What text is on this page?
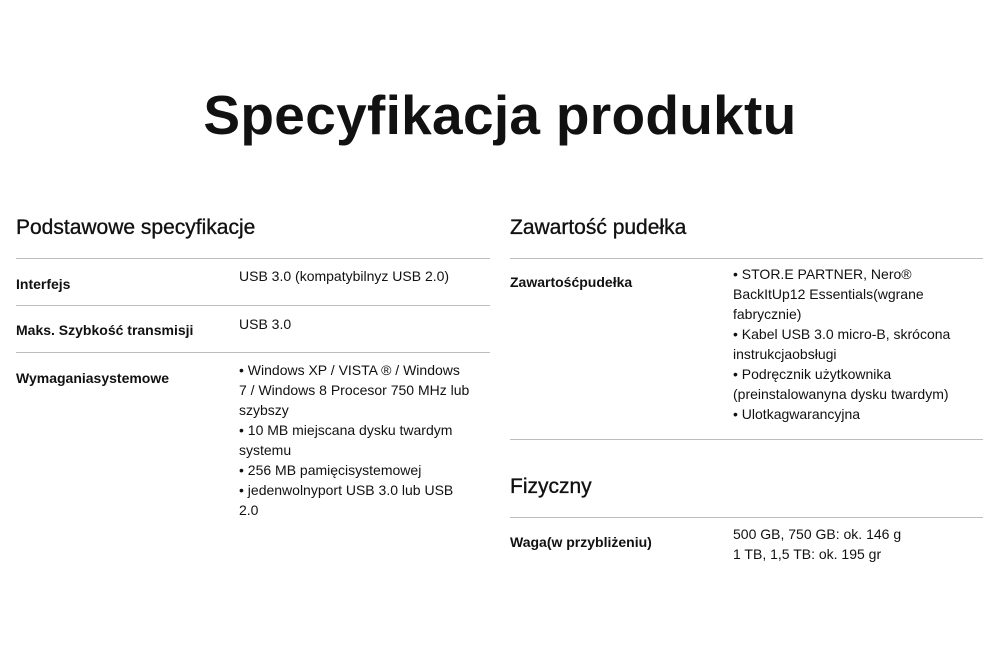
Specyfikacja produktu
Podstawowe specyfikacje
Interfejs	USB 3.0 (kompatybilnyz USB 2.0)
Maks. Szybkość transmisji	USB 3.0
Wymaganiasystemowe	• Windows XP / VISTA ® / Windows
7 / Windows 8 Procesor 750 MHz lub
szybszy
• 10 MB miejscana dysku twardym
systemu
• 256 MB pamięcisystemowej
• jedenwolnyport USB 3.0 lub USB
2.0
Zawartość pudełka
Zawartośćpudełka	• STOR.E PARTNER, Nero®
BackItUp12 Essentials(wgrane
fabrycznie)
• Kabel USB 3.0 micro-B, skrócona
instrukcjaobsługi
• Podręcznik użytkownika
(preinstalowanyna dysku twardym)
• Ulotkagwarancyjna
Fizyczny
Waga(w przybliżeniu)	500 GB, 750 GB: ok. 146 g
1 TB, 1,5 TB: ok. 195 gr
